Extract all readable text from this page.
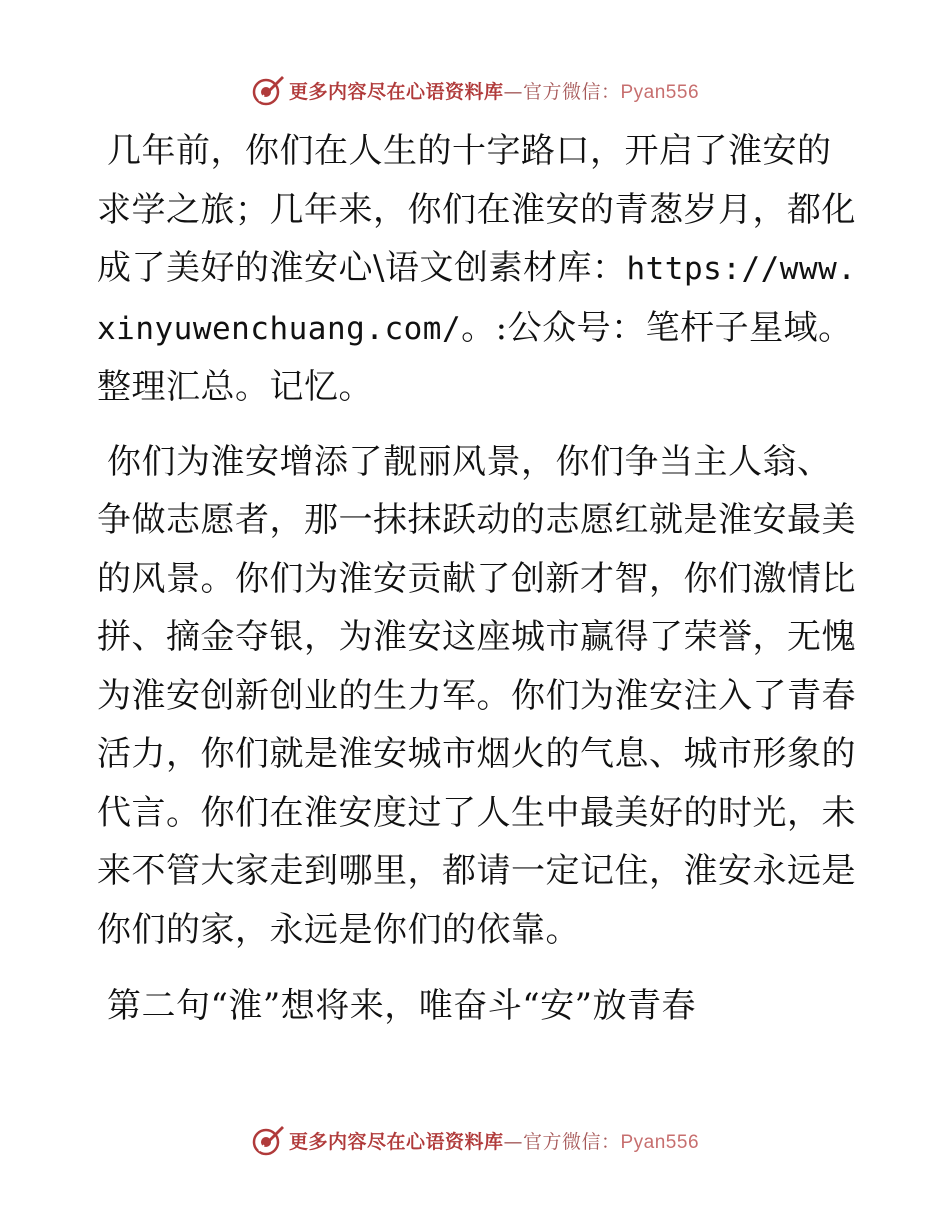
更多内容尽在心语资料库—官方微信：Pyan556

几年前，你们在人生的十字路口，开启了淮安的求学之旅；几年来，你们在淮安的青葱岁月，都化成了美好的淮安心\语文创素材库：https://www.xinyuwenchuang.com/。:公众号：笔杆子星域。整理汇总。记忆。

你们为淮安增添了靓丽风景，你们争当主人翁、争做志愿者，那一抹抹跃动的志愿红就是淮安最美的风景。你们为淮安贡献了创新才智，你们激情比拼、摘金夺银，为淮安这座城市赢得了荣誉，无愧为淮安创新创业的生力军。你们为淮安注入了青春活力，你们就是淮安城市烟火的气息、城市形象的代言。你们在淮安度过了人生中最美好的时光，未来不管大家走到哪里，都请一定记住，淮安永远是你们的家，永远是你们的依靠。

第二句“淮”想将来，唯奋斗“安”放青春

更多内容尽在心语资料库—官方微信：Pyan556
